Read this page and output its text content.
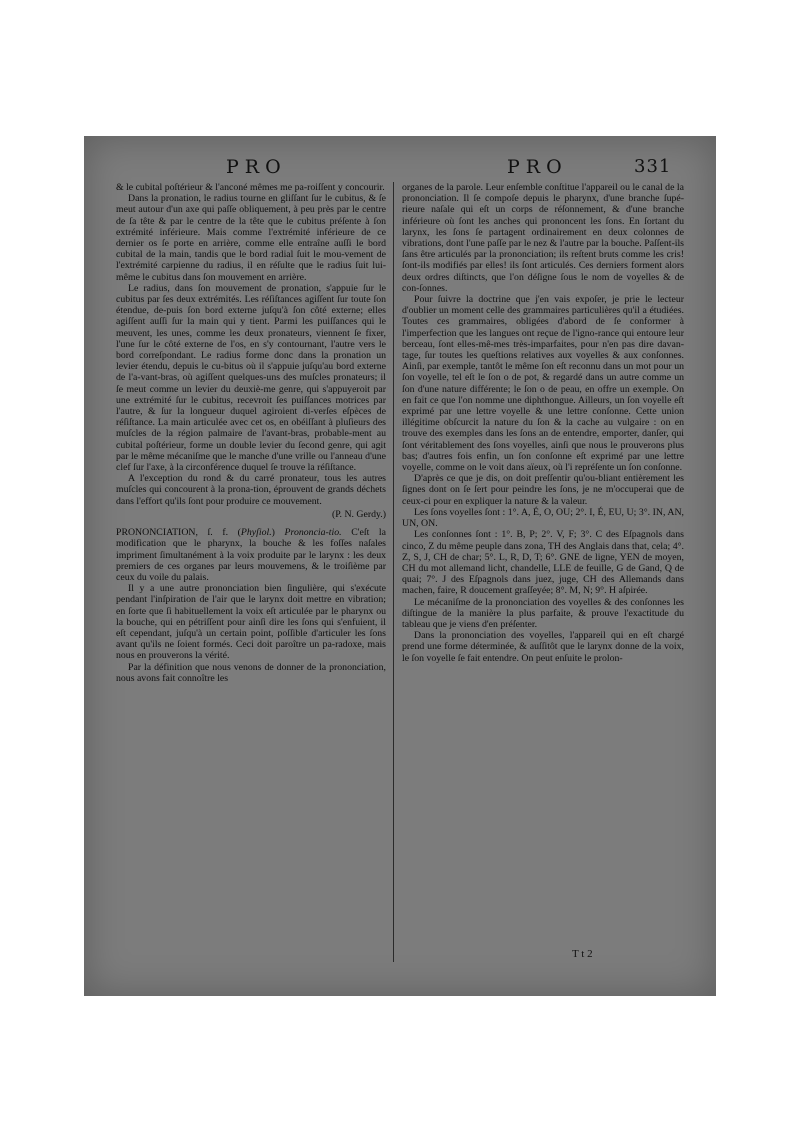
PRO	PRO	331

& le cubital poſtérieur & l'anconé mêmes me pa-roiſſent y concourir.

Dans la pronation, le radius tourne en gliſſant ſur le cubitus, & ſe meut autour d'un axe qui paſſe obliquement, à peu près par le centre de ſa tête & par le centre de la tête que le cubitus préſente à ſon extrémité inférieure. Mais comme l'extrémité inférieure de ce dernier os ſe porte en arrière, comme elle entraîne auſſi le bord cubital de la main, tandis que le bord radial ſuit le mou-vement de l'extrémité carpienne du radius, il en réſulte que le radius ſuit lui-même le cubitus dans ſon mouvement en arrière.

Le radius, dans ſon mouvement de pronation, s'appuie ſur le cubitus par ſes deux extrémités. Les réſiſtances agiſſent ſur toute ſon étendue, de-puis ſon bord externe juſqu'à ſon côté externe; elles agiſſent auſſi ſur la main qui y tient. Parmi les puiſſances qui le meuvent, les unes, comme les deux pronateurs, viennent ſe fixer, l'une ſur le côté externe de l'os, en s'y contournant, l'autre vers le bord correſpondant. Le radius forme donc dans la pronation un levier étendu, depuis le cu-bitus où il s'appuie juſqu'au bord externe de l'a-vant-bras, où agiſſent quelques-uns des muſcles pronateurs; il ſe meut comme un levier du deuxiè-me genre, qui s'appuyeroit par une extrémité ſur le cubitus, recevroit ſes puiſſances motrices par l'autre, & ſur la longueur duquel agiroient di-verſes eſpèces de réſiſtance. La main articulée avec cet os, en obéiſſant à pluſieurs des muſcles de la région palmaire de l'avant-bras, probable-ment au cubital poſtérieur, forme un double levier du ſecond genre, qui agit par le même mécaniſme que le manche d'une vrille ou l'anneau d'une clef ſur l'axe, à la circonférence duquel ſe trouve la réſiſtance.

A l'exception du rond & du carré pronateur, tous les autres muſcles qui concourent à la prona-tion, éprouvent de grands déchets dans l'effort qu'ils ſont pour produire ce mouvement.

(P. N. Gerdy.)

PRONONCIATION, ſ. f. (Phyſiol.) Prononcia-tio. C'eſt la modification que le pharynx, la bouche & les foſſes naſales impriment ſimultanément à la voix produite par le larynx : les deux premiers de ces organes par leurs mouvemens, & le troiſième par ceux du voile du palais.

Il y a une autre prononciation bien ſingulière, qui s'exécute pendant l'inſpiration de l'air que le larynx doit mettre en vibration; en ſorte que ſi habituellement la voix eſt articulée par le pharynx ou la bouche, qui en pétriſſent pour ainſi dire les ſons qui s'enfuient, il eſt cependant, juſqu'à un certain point, poſſible d'articuler les ſons avant qu'ils ne ſoient formés. Ceci doit paroître un pa-radoxe, mais nous en prouverons la vérité.

Par la définition que nous venons de donner de la prononciation, nous avons fait connoître les

organes de la parole. Leur enſemble conſtitue l'appareil ou le canal de la prononciation. Il ſe compoſe depuis le pharynx, d'une branche ſupé-rieure naſale qui eſt un corps de réſonnement, & d'une branche inférieure où ſont les anches qui prononcent les ſons. En ſortant du larynx, les ſons ſe partagent ordinairement en deux colonnes de vibrations, dont l'une paſſe par le nez & l'autre par la bouche. Paſſent-ils ſans être articulés par la prononciation; ils reſtent bruts comme les cris! ſont-ils modifiés par elles! ils ſont articulés. Ces derniers forment alors deux ordres diſtincts, que l'on déſigne ſous le nom de voyelles & de con-ſonnes.

Pour ſuivre la doctrine que j'en vais expoſer, je prie le lecteur d'oublier un moment celle des grammaires particulières qu'il a étudiées. Toutes ces grammaires, obligées d'abord de ſe conformer à l'imperfection que les langues ont reçue de l'igno-rance qui entoure leur berceau, ſont elles-mê-mes très-imparfaites, pour n'en pas dire davan-tage, ſur toutes les queſtions relatives aux voyelles & aux conſonnes. Ainſi, par exemple, tantôt le même ſon eſt reconnu dans un mot pour un ſon voyelle, tel eſt le ſon o de pot, & regardé dans un autre comme un ſon d'une nature différente; le ſon o de peau, en offre un exemple. On en fait ce que l'on nomme une diphthongue. Ailleurs, un ſon voyelle eſt exprimé par une lettre voyelle & une lettre conſonne. Cette union illégitime obſcurcit la nature du ſon & la cache au vulgaire : on en trouve des exemples dans les ſons an de entendre, emporter, danſer, qui ſont véritablement des ſons voyelles, ainſi que nous le prouverons plus bas; d'autres fois enfin, un ſon conſonne eſt exprimé par une lettre voyelle, comme on le voit dans aïeux, où l'i repréſente un ſon conſonne.

D'après ce que je dis, on doit preſſentir qu'ou-bliant entièrement les ſignes dont on ſe ſert pour peindre les ſons, je ne m'occuperai que de ceux-ci pour en expliquer la nature & la valeur.

Les ſons voyelles ſont : 1°. A, É, O, OU; 2°. I, É, EU, U; 3°. IN, AN, UN, ON.

Les conſonnes ſont : 1°. B, P; 2°. V, F; 3°. C des Eſpagnols dans cinco, Z du même peuple dans zona, TH des Anglais dans that, cela; 4°. Z, S, J, CH de char; 5°. L, R, D, T; 6°. GNE de ligne, YEN de moyen, CH du mot allemand licht, chandelle, LLE de feuille, G de Gand, Q de quai; 7°. J des Eſpagnols dans juez, juge, CH des Allemands dans machen, faire, R doucement graſſeyée; 8°. M, N; 9°. H aſpirée.

Le mécaniſme de la prononciation des voyelles & des conſonnes les diſtingue de la manière la plus parfaite, & prouve l'exactitude du tableau que je viens d'en préſenter.

Dans la prononciation des voyelles, l'appareil qui en eſt chargé prend une forme déterminée, & auſſitôt que le larynx donne de la voix, le ſon voyelle ſe fait entendre. On peut enſuite le prolon-

T t 2
